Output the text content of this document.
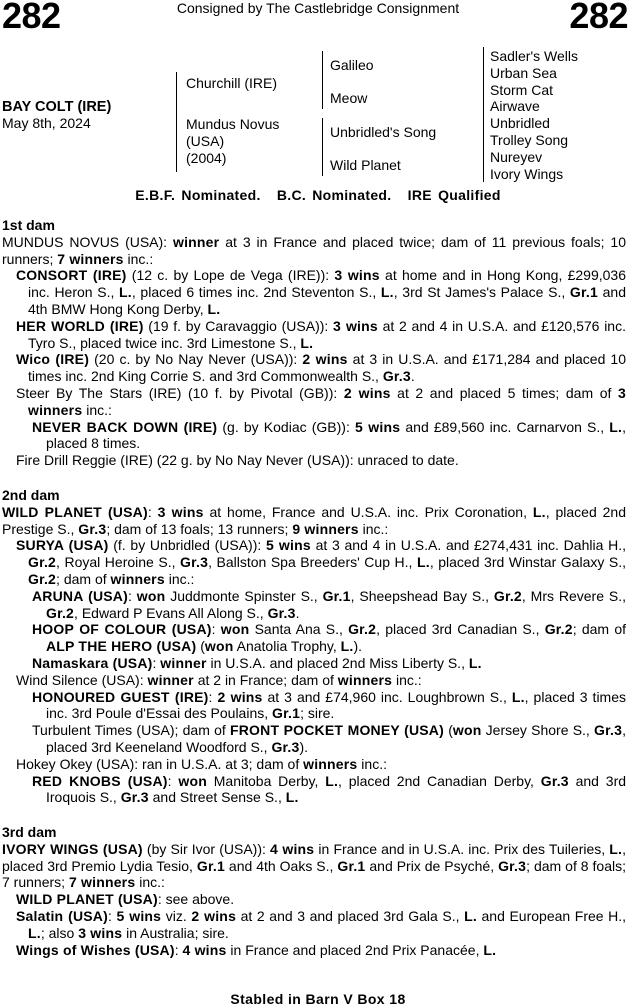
282	Consigned by The Castlebridge Consignment	282
BAY COLT (IRE)
May 8th, 2024
Churchill (IRE)
Mundus Novus
(USA)
(2004)
Galileo
Meow
Unbridled's Song
Wild Planet
Sadler's Wells
Urban Sea
Storm Cat
Airwave
Unbridled
Trolley Song
Nureyev
Ivory Wings
E.B.F. Nominated. B.C. Nominated. IRE Qualified
1st dam
MUNDUS NOVUS (USA): winner at 3 in France and placed twice; dam of 11 previous foals; 10 runners; 7 winners inc.:
CONSORT (IRE) (12 c. by Lope de Vega (IRE)): 3 wins at home and in Hong Kong, £299,036 inc. Heron S., L., placed 6 times inc. 2nd Steventon S., L., 3rd St James's Palace S., Gr.1 and 4th BMW Hong Kong Derby, L.
HER WORLD (IRE) (19 f. by Caravaggio (USA)): 3 wins at 2 and 4 in U.S.A. and £120,576 inc. Tyro S., placed twice inc. 3rd Limestone S., L.
Wico (IRE) (20 c. by No Nay Never (USA)): 2 wins at 3 in U.S.A. and £171,284 and placed 10 times inc. 2nd King Corrie S. and 3rd Commonwealth S., Gr.3.
Steer By The Stars (IRE) (10 f. by Pivotal (GB)): 2 wins at 2 and placed 5 times; dam of 3 winners inc.:
NEVER BACK DOWN (IRE) (g. by Kodiac (GB)): 5 wins and £89,560 inc. Carnarvon S., L., placed 8 times.
Fire Drill Reggie (IRE) (22 g. by No Nay Never (USA)): unraced to date.
2nd dam
WILD PLANET (USA): 3 wins at home, France and U.S.A. inc. Prix Coronation, L., placed 2nd Prestige S., Gr.3; dam of 13 foals; 13 runners; 9 winners inc.:
SURYA (USA) (f. by Unbridled (USA)): 5 wins at 3 and 4 in U.S.A. and £274,431 inc. Dahlia H., Gr.2, Royal Heroine S., Gr.3, Ballston Spa Breeders' Cup H., L., placed 3rd Winstar Galaxy S., Gr.2; dam of winners inc.:
ARUNA (USA): won Juddmonte Spinster S., Gr.1, Sheepshead Bay S., Gr.2, Mrs Revere S., Gr.2, Edward P Evans All Along S., Gr.3.
HOOP OF COLOUR (USA): won Santa Ana S., Gr.2, placed 3rd Canadian S., Gr.2; dam of ALP THE HERO (USA) (won Anatolia Trophy, L.).
Namaskara (USA): winner in U.S.A. and placed 2nd Miss Liberty S., L.
Wind Silence (USA): winner at 2 in France; dam of winners inc.:
HONOURED GUEST (IRE): 2 wins at 3 and £74,960 inc. Loughbrown S., L., placed 3 times inc. 3rd Poule d'Essai des Poulains, Gr.1; sire.
Turbulent Times (USA); dam of FRONT POCKET MONEY (USA) (won Jersey Shore S., Gr.3, placed 3rd Keeneland Woodford S., Gr.3).
Hokey Okey (USA): ran in U.S.A. at 3; dam of winners inc.:
RED KNOBS (USA): won Manitoba Derby, L., placed 2nd Canadian Derby, Gr.3 and 3rd Iroquois S., Gr.3 and Street Sense S., L.
3rd dam
IVORY WINGS (USA) (by Sir Ivor (USA)): 4 wins in France and in U.S.A. inc. Prix des Tuileries, L., placed 3rd Premio Lydia Tesio, Gr.1 and 4th Oaks S., Gr.1 and Prix de Psyché, Gr.3; dam of 8 foals; 7 runners; 7 winners inc.:
WILD PLANET (USA): see above.
Salatin (USA): 5 wins viz. 2 wins at 2 and 3 and placed 3rd Gala S., L. and European Free H., L.; also 3 wins in Australia; sire.
Wings of Wishes (USA): 4 wins in France and placed 2nd Prix Panacée, L.
Stabled in Barn V Box 18
